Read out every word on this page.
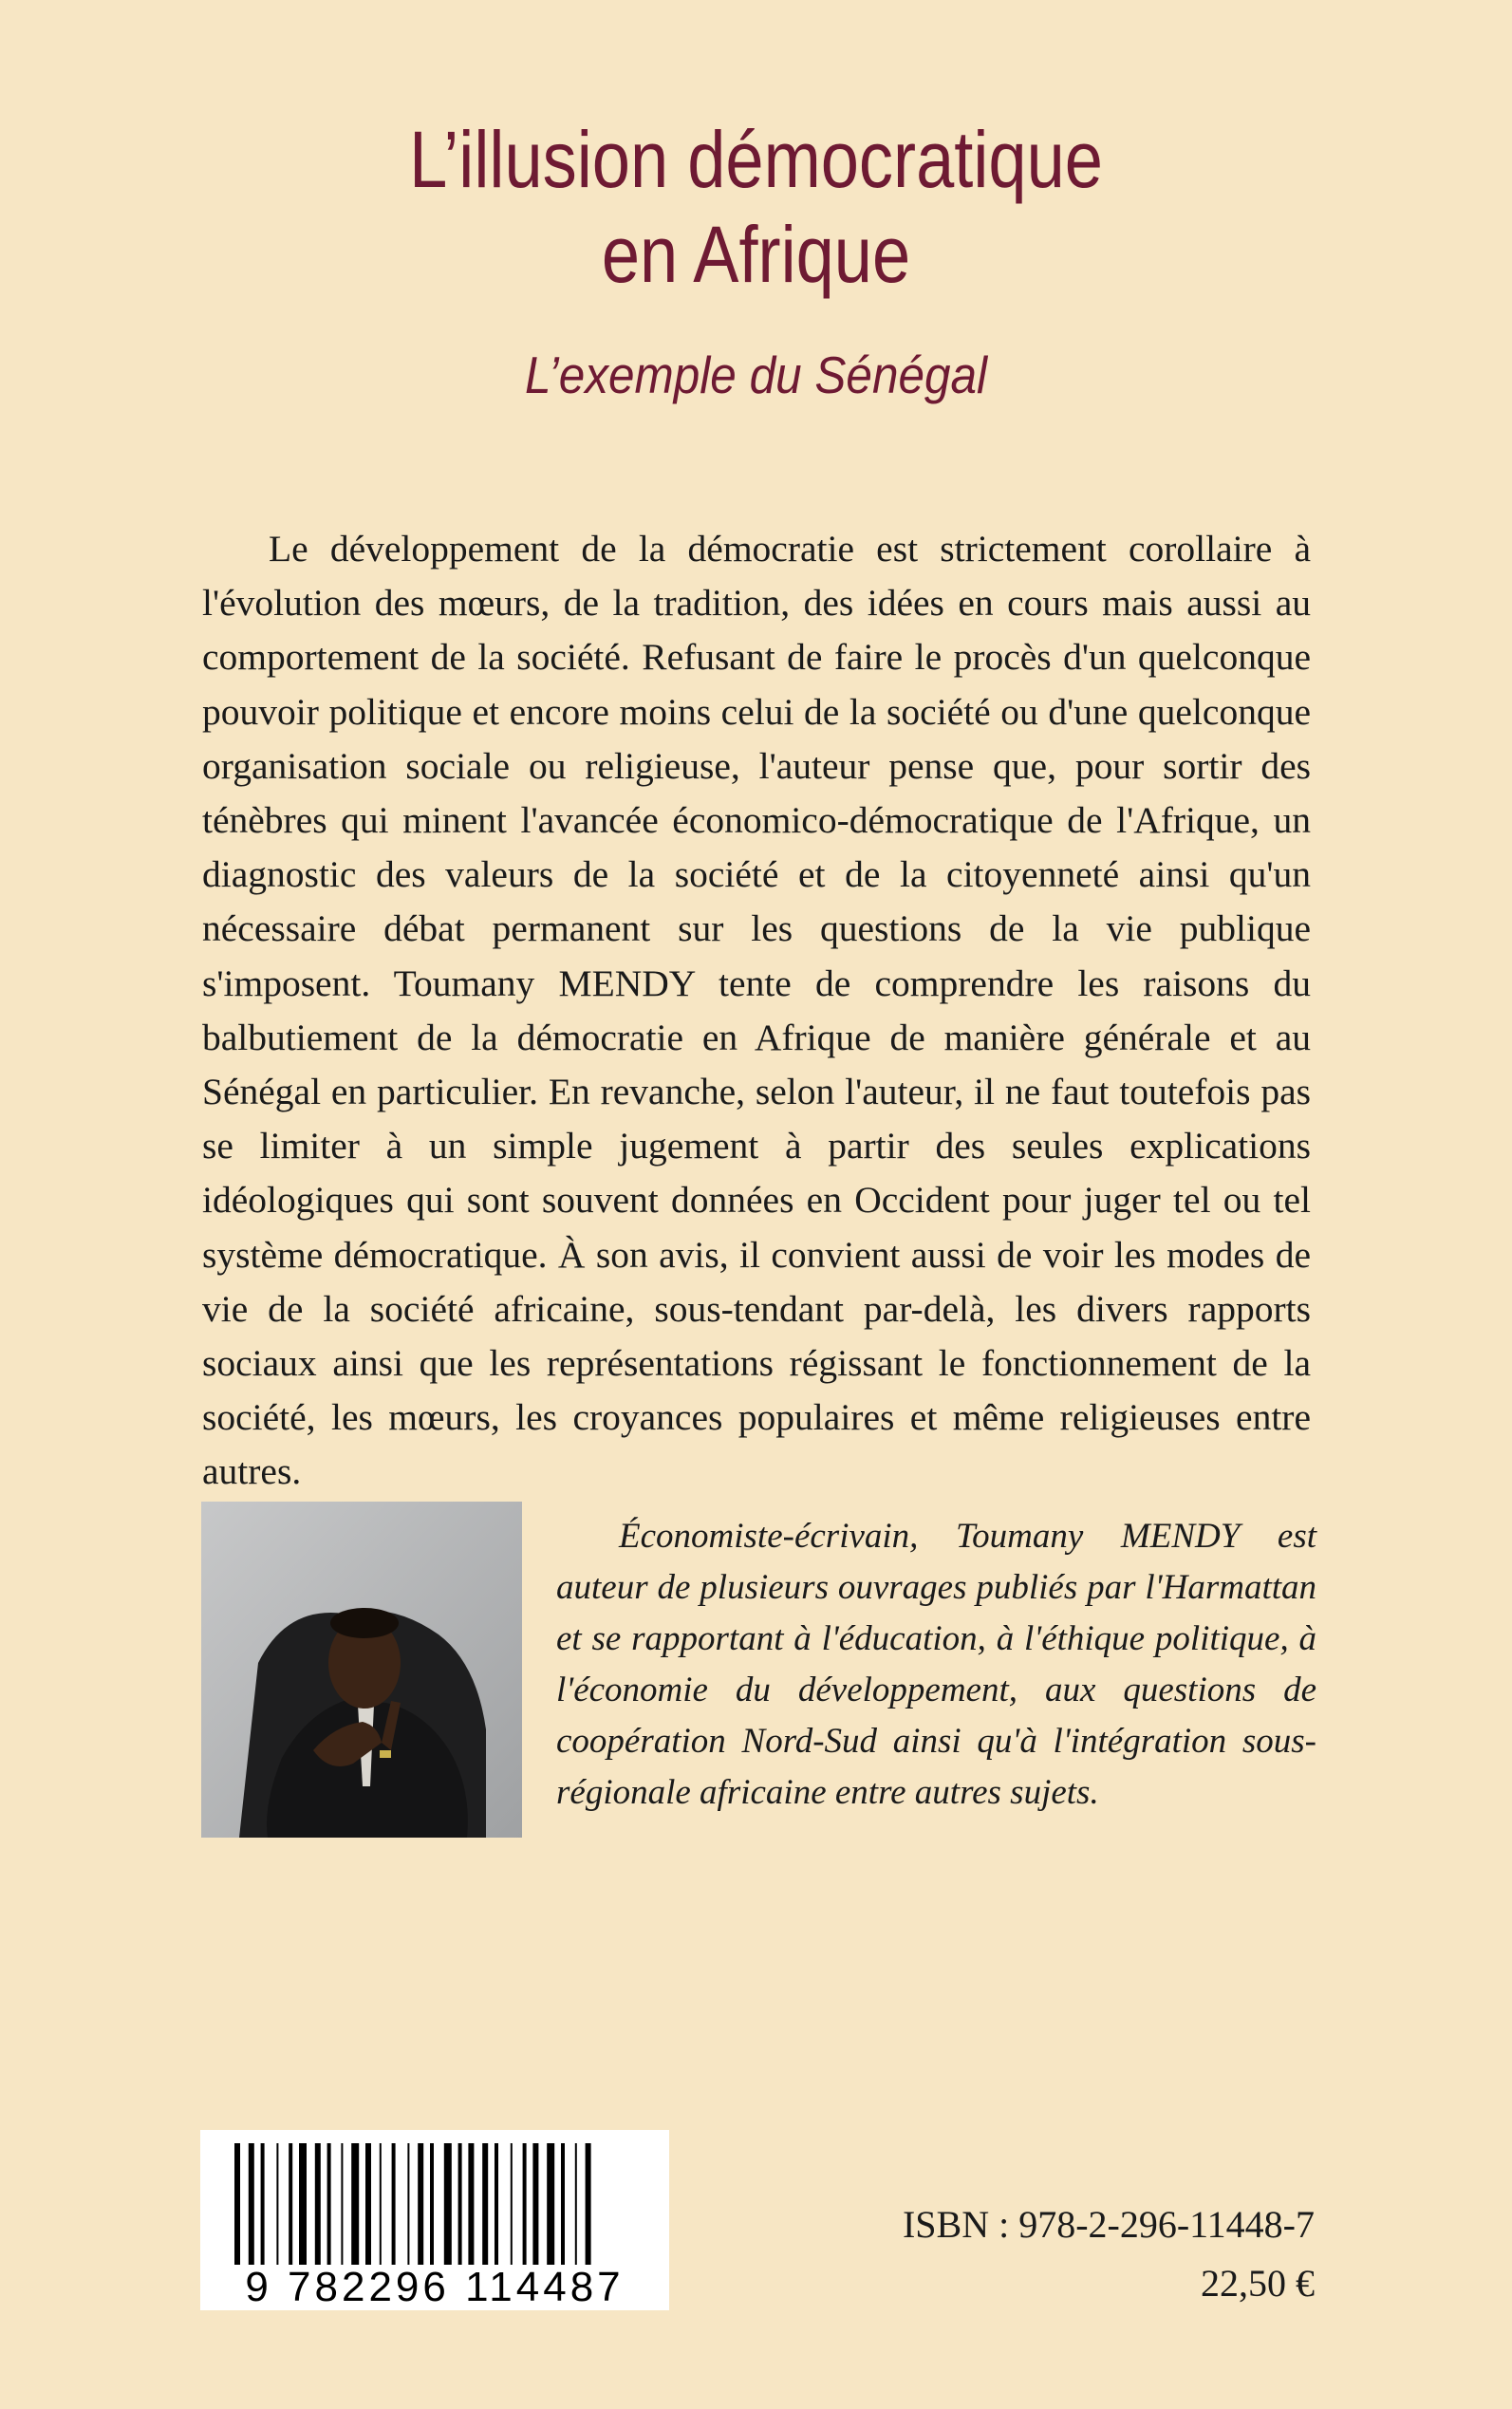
L’illusion démocratique
en Afrique
L’exemple du Sénégal

Le développement de la démocratie est strictement corollaire à l'évolution des mœurs, de la tradition, des idées en cours mais aussi au comportement de la société. Refusant de faire le procès d'un quelconque pouvoir politique et encore moins celui de la société ou d'une quelconque organisation sociale ou religieuse, l'auteur pense que, pour sortir des ténèbres qui minent l'avancée économico-démocratique de l'Afrique, un diagnostic des valeurs de la société et de la citoyenneté ainsi qu'un nécessaire débat permanent sur les questions de la vie publique s'imposent. Toumany MENDY tente de comprendre les raisons du balbutiement de la démocratie en Afrique de manière générale et au Sénégal en particulier. En revanche, selon l'auteur, il ne faut toutefois pas se limiter à un simple jugement à partir des seules explications idéologiques qui sont souvent données en Occident pour juger tel ou tel système démocratique. À son avis, il convient aussi de voir les modes de vie de la société africaine, sous-tendant par-delà, les divers rapports sociaux ainsi que les représentations régissant le fonctionnement de la société, les mœurs, les croyances populaires et même religieuses entre autres.

Économiste-écrivain, Toumany MENDY est auteur de plusieurs ouvrages publiés par l'Harmattan et se rapportant à l'éducation, à l'éthique politique, à l'économie du développement, aux questions de coopération Nord-Sud ainsi qu'à l'intégration sous-régionale africaine entre autres sujets.

9 782296 114487
ISBN : 978-2-296-11448-7
22,50 €
